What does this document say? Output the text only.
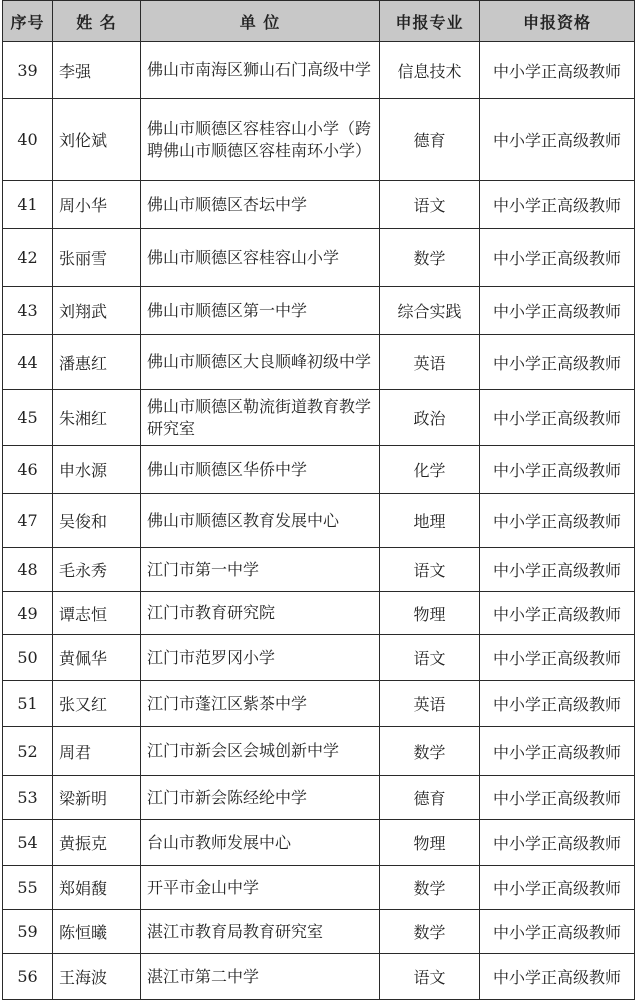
序号	姓 名	单 位	申报专业	申报资格
39	李强	佛山市南海区狮山石门高级中学	信息技术	中小学正高级教师
40	刘伦斌	佛山市顺德区容桂容山小学（跨聘佛山市顺德区容桂南环小学）	德育	中小学正高级教师
41	周小华	佛山市顺德区杏坛中学	语文	中小学正高级教师
42	张丽雪	佛山市顺德区容桂容山小学	数学	中小学正高级教师
43	刘翔武	佛山市顺德区第一中学	综合实践	中小学正高级教师
44	潘惠红	佛山市顺德区大良顺峰初级中学	英语	中小学正高级教师
45	朱湘红	佛山市顺德区勒流街道教育教学研究室	政治	中小学正高级教师
46	申水源	佛山市顺德区华侨中学	化学	中小学正高级教师
47	吴俊和	佛山市顺德区教育发展中心	地理	中小学正高级教师
48	毛永秀	江门市第一中学	语文	中小学正高级教师
49	谭志恒	江门市教育研究院	物理	中小学正高级教师
50	黄佩华	江门市范罗冈小学	语文	中小学正高级教师
51	张又红	江门市蓬江区紫茶中学	英语	中小学正高级教师
52	周君	江门市新会区会城创新中学	数学	中小学正高级教师
53	梁新明	江门市新会陈经纶中学	德育	中小学正高级教师
54	黄振克	台山市教师发展中心	物理	中小学正高级教师
55	郑娟馥	开平市金山中学	数学	中小学正高级教师
59	陈恒曦	湛江市教育局教育研究室	数学	中小学正高级教师
56	王海波	湛江市第二中学	语文	中小学正高级教师
